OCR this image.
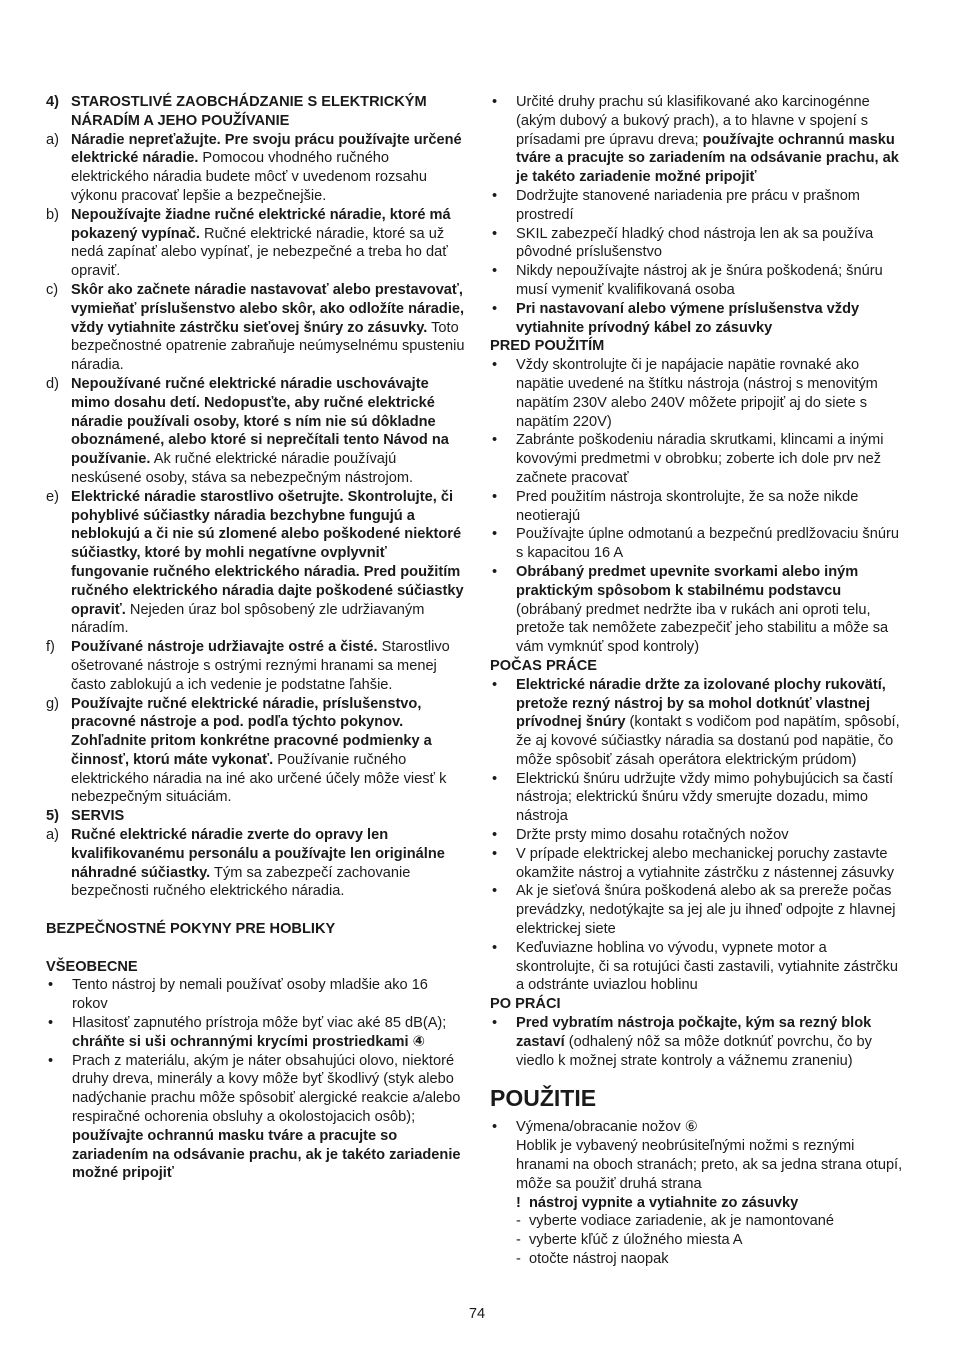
4) STAROSTLIVÉ ZAOBCHÁDZANIE S ELEKTRICKÝM NÁRADÍM A JEHO POUŽÍVANIE
a) Náradie nepreťažujte. Pre svoju prácu používajte určené elektrické náradie. Pomocou vhodného ručného elektrického náradia budete môcť v uvedenom rozsahu výkonu pracovať lepšie a bezpečnejšie.
b) Nepoužívajte žiadne ručné elektrické náradie, ktoré má pokazený vypínač. Ručné elektrické náradie, ktoré sa už nedá zapínať alebo vypínať, je nebezpečné a treba ho dať opraviť.
c) Skôr ako začnete náradie nastavovať alebo prestavovať, vymieňať príslušenstvo alebo skôr, ako odložíte náradie, vždy vytiahnite zástrčku sieťovej šnúry zo zásuvky. Toto bezpečnostné opatrenie zabraňuje neúmyselnému spusteniu náradia.
d) Nepoužívané ručné elektrické náradie uschovávajte mimo dosahu detí. Nedopusťte, aby ručné elektrické náradie používali osoby, ktoré s ním nie sú dôkladne oboznámené, alebo ktoré si neprečítali tento Návod na používanie. Ak ručné elektrické náradie používajú neskúsené osoby, stáva sa nebezpečným nástrojom.
e) Elektrické náradie starostlivo ošetrujte. Skontrolujte, či pohyblivé súčiastky náradia bezchybne fungujú a neblokujú a či nie sú zlomené alebo poškodené niektoré súčiastky, ktoré by mohli negatívne ovplyvniť fungovanie ručného elektrického náradia. Pred použitím ručného elektrického náradia dajte poškodené súčiastky opraviť. Nejeden úraz bol spôsobený zle udržiavaným náradím.
f)	Používané nástroje udržiavajte ostré a čisté. Starostlivo ošetrované nástroje s ostrými reznými hranami sa menej často zablokujú a ich vedenie je podstatne ľahšie.
g) Používajte ručné elektrické náradie, príslušenstvo, pracovné nástroje a pod. podľa týchto pokynov. Zohľadnite pritom konkrétne pracovné podmienky a činnosť, ktorú máte vykonať. Používanie ručného elektrického náradia na iné ako určené účely môže viesť k nebezpečným situáciám.
5) SERVIS
a) Ručné elektrické náradie zverte do opravy len kvalifikovanému personálu a používajte len originálne náhradné súčiastky. Tým sa zabezpečí zachovanie bezpečnosti ručného elektrického náradia.
BEZPEČNOSTNÉ POKYNY PRE HOBLIKY
VŠEOBECNE
•	Tento nástroj by nemali používať osoby mladšie ako 16 rokov
•	Hlasitosť zapnutého prístroja môže byť viac aké 85 dB(A); chráňte si uši ochrannými krycími prostriedkami ④
•	Prach z materiálu, akým je náter obsahujúci olovo, niektoré druhy dreva, minerály a kovy môže byť škodlivý (styk alebo nadýchanie prachu môže spôsobiť alergické reakcie a/alebo respiračné ochorenia obsluhy a okolostojacich osôb); používajte ochrannú masku tváre a pracujte so zariadením na odsávanie prachu, ak je takéto zariadenie možné pripojiť
•	Určité druhy prachu sú klasifikované ako karcinogénne (akým dubový a bukový prach), a to hlavne v spojení s prísadami pre úpravu dreva; používajte ochrannú masku tváre a pracujte so zariadením na odsávanie prachu, ak je takéto zariadenie možné pripojiť
•	Dodržujte stanovené nariadenia pre prácu v prašnom prostredí
•	SKIL zabezpečí hladký chod nástroja len ak sa používa pôvodné príslušenstvo
•	Nikdy nepoužívajte nástroj ak je šnúra poškodená; šnúru musí vymeniť kvalifikovaná osoba
•	Pri nastavovaní alebo výmene príslušenstva vždy vytiahnite prívodný kábel zo zásuvky
PRED POUŽITÍM
•	Vždy skontrolujte či je napájacie napätie rovnaké ako napätie uvedené na štítku nástroja (nástroj s menovitým napätím 230V alebo 240V môžete pripojiť aj do siete s napätím 220V)
•	Zabránte poškodeniu náradia skrutkami, klincami a inými kovovými predmetmi v obrobku; zoberte ich dole prv než začnete pracovať
•	Pred použitím nástroja skontrolujte, že sa nože nikde neotierajú
•	Používajte úplne odmotanú a bezpečnú predlžovaciu šnúru s kapacitou 16 A
•	Obrábaný predmet upevnite svorkami alebo iným praktickým spôsobom k stabilnému podstavcu (obrábaný predmet nedržte iba v rukách ani oproti telu, pretože tak nemôžete zabezpečiť jeho stabilitu a môže sa vám vymknúť spod kontroly)
POČAS PRÁCE
•	Elektrické náradie držte za izolované plochy rukovätí, pretože rezný nástroj by sa mohol dotknúť vlastnej prívodnej šnúry (kontakt s vodičom pod napätím, spôsobí, že aj kovové súčiastky náradia sa dostanú pod napätie, čo môže spôsobiť zásah operátora elektrickým prúdom)
•	Elektrickú šnúru udržujte vždy mimo pohybujúcich sa častí nástroja; elektrickú šnúru vždy smerujte dozadu, mimo nástroja
•	Držte prsty mimo dosahu rotačných nožov
•	V prípade elektrickej alebo mechanickej poruchy zastavte okamžite nástroj a vytiahnite zástrčku z nástennej zásuvky
•	Ak je sieťová šnúra poškodená alebo ak sa prereže počas prevádzky, nedotýkajte sa jej ale ju ihneď odpojte z hlavnej elektrickej siete
•	Keďuviazne hoblina vo vývodu, vypnete motor a skontrolujte, či sa rotujúci časti zastavili, vytiahnite zástrčku a odstránte uviazlou hoblinu
PO PRÁCI
•	Pred vybratím nástroja počkajte, kým sa rezný blok zastaví (odhalený nôž sa môže dotknúť povrchu, čo by viedlo k možnej strate kontroly a vážnemu zraneniu)
POUŽITIE
•	Výmena/obracanie nožov ⑥
Hoblik je vybavený neobrúsiteľnými nožmi s reznými hranami na oboch stranách; preto, ak sa jedna strana otupí, môže sa použiť druhá strana
! nástroj vypnite a vytiahnite zo zásuvky
- vyberte vodiace zariadenie, ak je namontované
- vyberte kľúč z úložného miesta A
- otočte nástroj naopak
74
